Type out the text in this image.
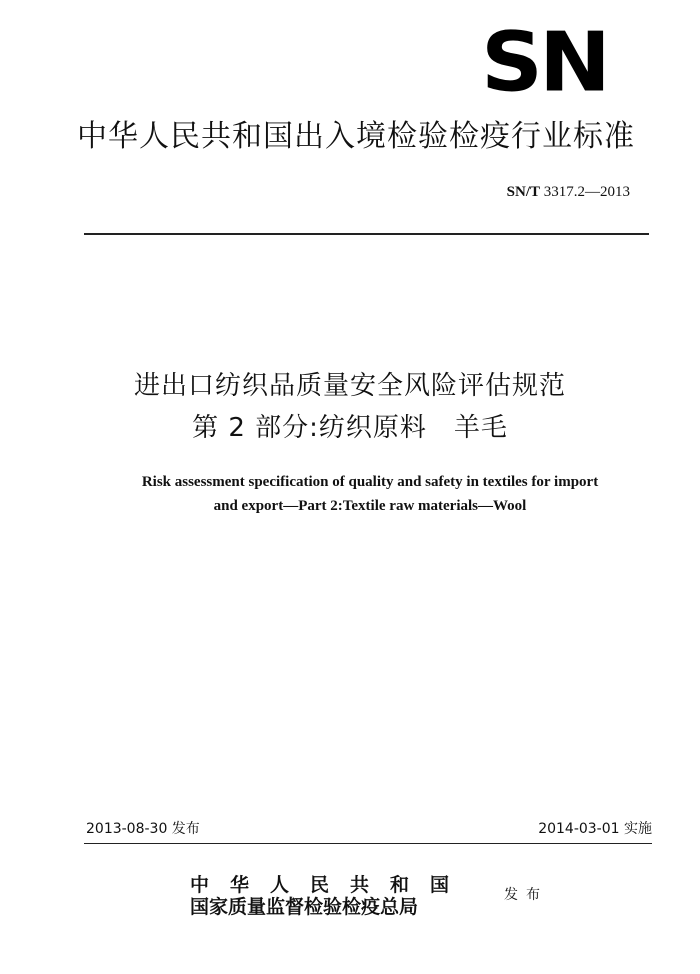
SN
中华人民共和国出入境检验检疫行业标准
SN/T 3317.2—2013
进出口纺织品质量安全风险评估规范
第 2 部分:纺织原料　羊毛
Risk assessment specification of quality and safety in textiles for import
and export—Part 2:Textile raw materials—Wool
2013-08-30 发布	2014-03-01 实施
中华人民共和国
国家质量监督检验检疫总局
发布
